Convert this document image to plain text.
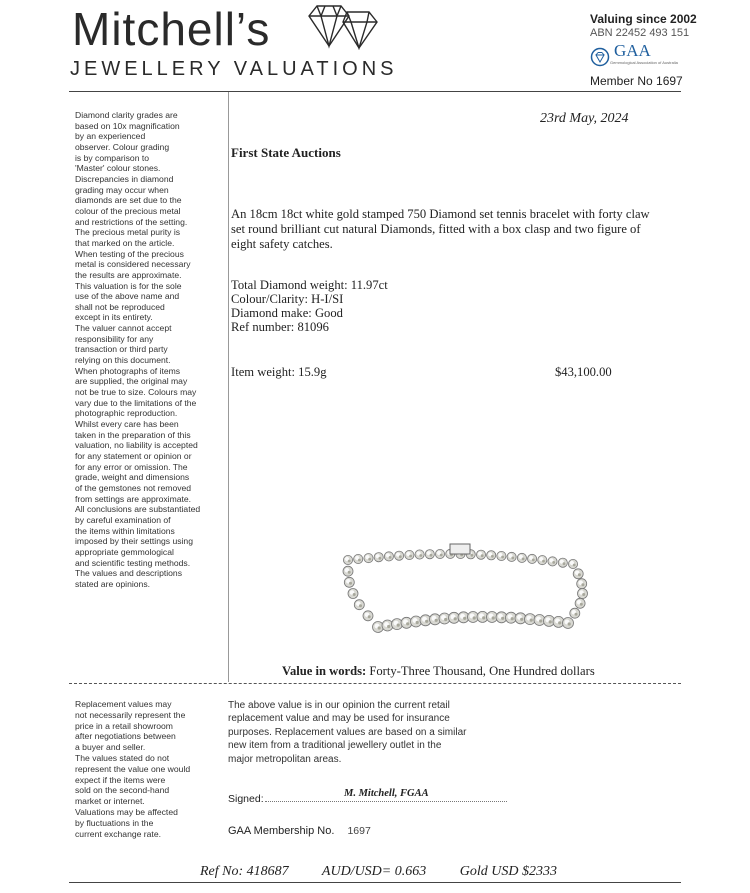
Mitchell’s
JEWELLERY VALUATIONS
Valuing since 2002
ABN 22452 493 151
GAA
Gemmological Association of Australia
Member No 1697
Diamond clarity grades are
based on 10x magnification
by an experienced
observer. Colour grading
is by comparison to
'Master' colour stones.
Discrepancies in diamond
grading may occur when
diamonds are set due to the
colour of the precious metal
and restrictions of the setting.
The precious metal purity is
that marked on the article.
When testing of the precious
metal is considered necessary
the results are approximate.
This valuation is for the sole
use of the above name and
shall not be reproduced
except in its entirety.
The valuer cannot accept
responsibility for any
transaction or third party
relying on this document.
When photographs of items
are supplied, the original may
not be true to size. Colours may
vary due to the limitations of the
photographic reproduction.
Whilst every care has been
taken in the preparation of this
valuation, no liability is accepted
for any statement or opinion or
for any error or omission. The
grade, weight and dimensions
of the gemstones not removed
from settings are approximate.
All conclusions are substantiated
by careful examination of
the items within limitations
imposed by their settings using
appropriate gemmological
and scientific testing methods.
The values and descriptions
stated are opinions.
23rd May, 2024
First State Auctions
An 18cm 18ct white gold stamped 750 Diamond set tennis bracelet with forty claw set round brilliant cut natural Diamonds, fitted with a box clasp and two figure of eight safety catches.
Total Diamond weight: 11.97ct
Colour/Clarity: H-I/SI
Diamond make: Good
Ref number: 81096
Item weight: 15.9g	$43,100.00
Value in words: Forty-Three Thousand, One Hundred dollars
Replacement values may
not necessarily represent the
price in a retail showroom
after negotiations between
a buyer and seller.
The values stated do not
represent the value one would
expect if the items were
sold on the second-hand
market or internet.
Valuations may be affected
by fluctuations in the
current exchange rate.
The above value is in our opinion the current retail
replacement value and may be used for insurance
purposes. Replacement values are based on a similar
new item from a traditional jewellery outlet in the
major metropolitan areas.
Signed:	M. Mitchell, FGAA
GAA Membership No. 1697
Ref No: 418687 AUD/USD= 0.663 Gold USD $2333
